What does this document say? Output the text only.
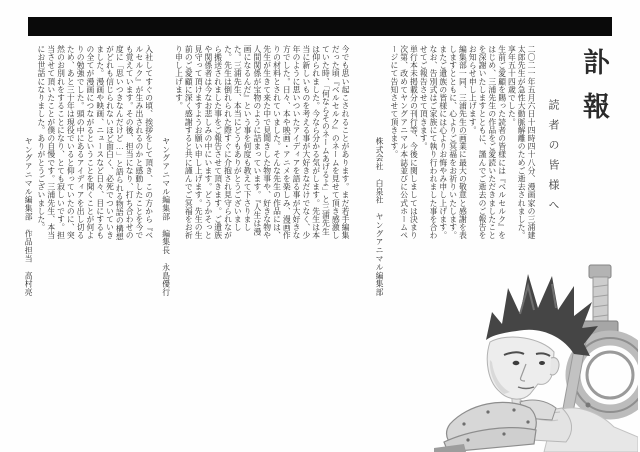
訃報
読者の皆様へ

二〇二一年五月六日十四時四十八分、漫画家の三浦建太郎先生が急性大動脈解離のためご逝去されました。享年五十四歳でした。

生前ご愛顧を賜った読者の皆様には『ベルセルク』をはじめ、三浦先生の作品をご愛読いただきましたことを深謝いたしますとともに、謹んでご逝去のご報告をお知らせ申し上げます。

編集部一同、三浦先生の画業に最大の敬意と感謝を表しますとともに、心よりご冥福をお祈りいたします。

またご遺族の皆様には心よりお悔やみ申し上げます。なお、告別式はご家族にて執り行われました事を合わせてご報告させて頂きます。

単行本未掲載分の刊行等、今後に関しましては決まり次第、改めてヤングアニマル本誌並びに公式ホームページにて告知させて頂きます。

株式会社　白泉社　ヤングアニマル編集部

今でも思い起こされることがあります。まだ若手編集だった頃『ベルセルク』のネームを見せて頂き感激していた時、「何ならそのネームあげるよ」と三浦先生は仰られました。今なら分かる気がします。先生は本当に新しいものを考える事が大好きなだけでなく、少年のように思いついたアイディアを語る事が大好きな方でした。日々、本や映画・アニメを楽しみ、漫画作りの材料とされていました。そんな先生の作品には、先生が生きて来た中で見聞きした物事や、好きな物や人間関係が宝物のように詰まっています。『人生は漫画になるんだ』という事を何度も教えて下さりました。三浦先生、本当にどうもありがとうございました。先生は倒れられた際すぐに介抱され見守られながら搬送されました事をご報告させて頂きます。ご遺族や関係者は今なお悲しみの中にいます。どうかそっと見守って頂けますようお願い申し上げます。先生の生前のご愛顧に深く感謝すると共に謹んでご冥福をお祈り申し上げます。

ヤングアニマル編集部　編集長　永島優行

入社してすぐの頃、挨拶をして頂き、この方から『ベルセルク』が生み出されるのかと感動したことを今でも覚えています。その後、担当になり、打ち合わせの度に「思いつきなんだけど…」と語られる物語の構想がどれも信じられないほど面白く、必死でついていきました。漫画や映画、ニュースなど日々、目にするもの全てが漫画につながるということを聞くことが何よりの勉強でした。頭の中にあるアイディアを出し切るため、あと三十年は現役でいると仰っていたのに、突然のお別れをすることになり、とても寂しいです。担当させて頂いたことが僕の自慢です。三浦先生、本当にお世話になりました。ありがとうございました。

ヤングアニマル編集部　作品担当　高村亮
